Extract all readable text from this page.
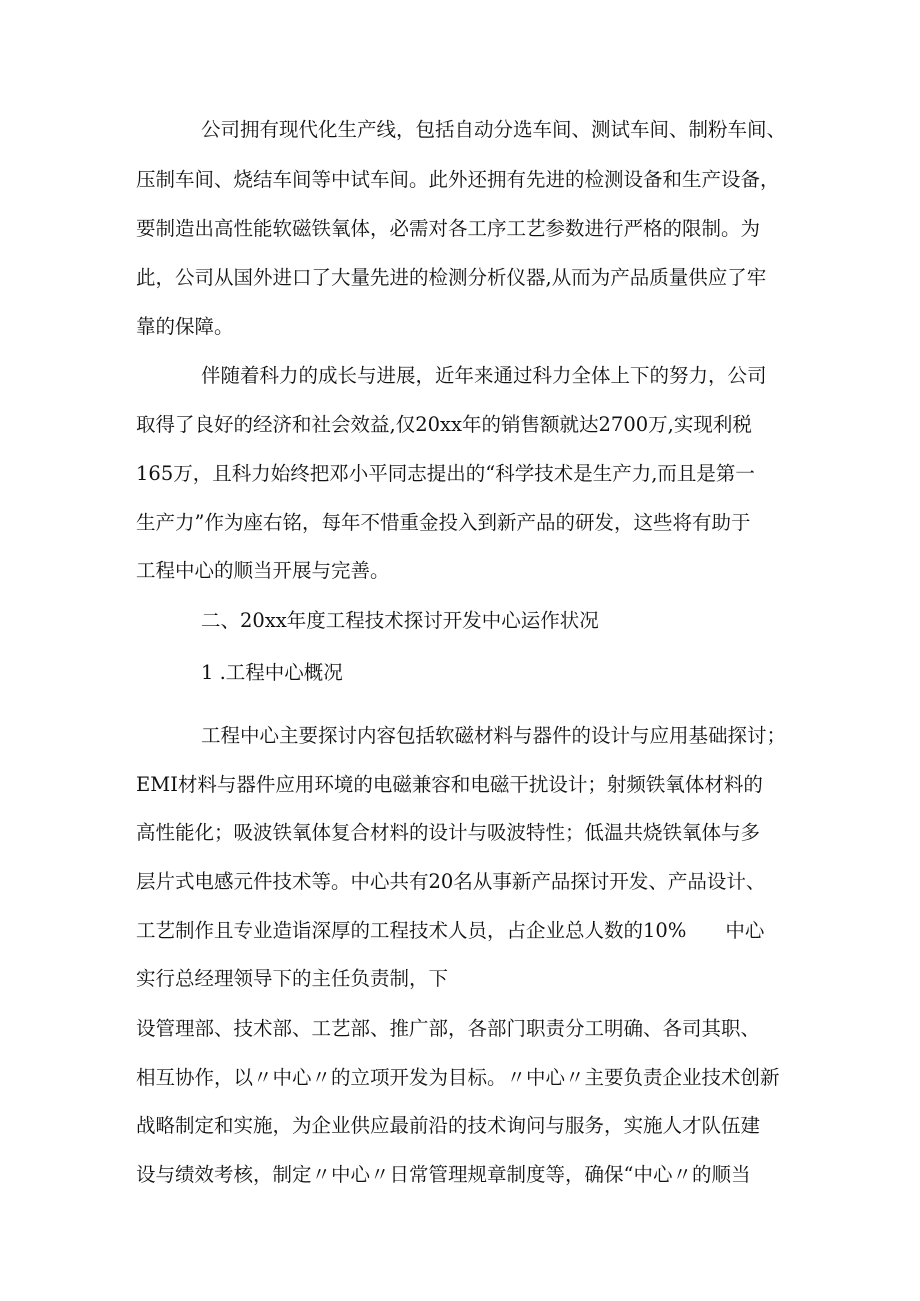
公司拥有现代化生产线，包括自动分选车间、测试车间、制粉车间、

压制车间、烧结车间等中试车间。此外还拥有先进的检测设备和生产设备，

要制造出高性能软磁铁氧体，必需对各工序工艺参数进行严格的限制。为

此，公司从国外进口了大量先进的检测分析仪器,从而为产品质量供应了牢

靠的保障。

伴随着科力的成长与进展，近年来通过科力全体上下的努力，公司

取得了良好的经济和社会效益,仅20xx年的销售额就达2700万,实现利税

165万，且科力始终把邓小平同志提出的“科学技术是生产力,而且是第一

生产力”作为座右铭，每年不惜重金投入到新产品的研发，这些将有助于

工程中心的顺当开展与完善。

二、20xx年度工程技术探讨开发中心运作状况

1 .工程中心概况

工程中心主要探讨内容包括软磁材料与器件的设计与应用基础探讨；

EMI材料与器件应用环境的电磁兼容和电磁干扰设计；射频铁氧体材料的

高性能化；吸波铁氧体复合材料的设计与吸波特性；低温共烧铁氧体与多

层片式电感元件技术等。中心共有20名从事新产品探讨开发、产品设计、

工艺制作且专业造诣深厚的工程技术人员，占企业总人数的10%　　中心

实行总经理领导下的主任负责制，下

设管理部、技术部、工艺部、推广部，各部门职责分工明确、各司其职、

相互协作，以〃中心〃的立项开发为目标。〃中心〃主要负责企业技术创新

战略制定和实施，为企业供应最前沿的技术询问与服务，实施人才队伍建

设与绩效考核，制定〃中心〃日常管理规章制度等，确保“中心〃的顺当
